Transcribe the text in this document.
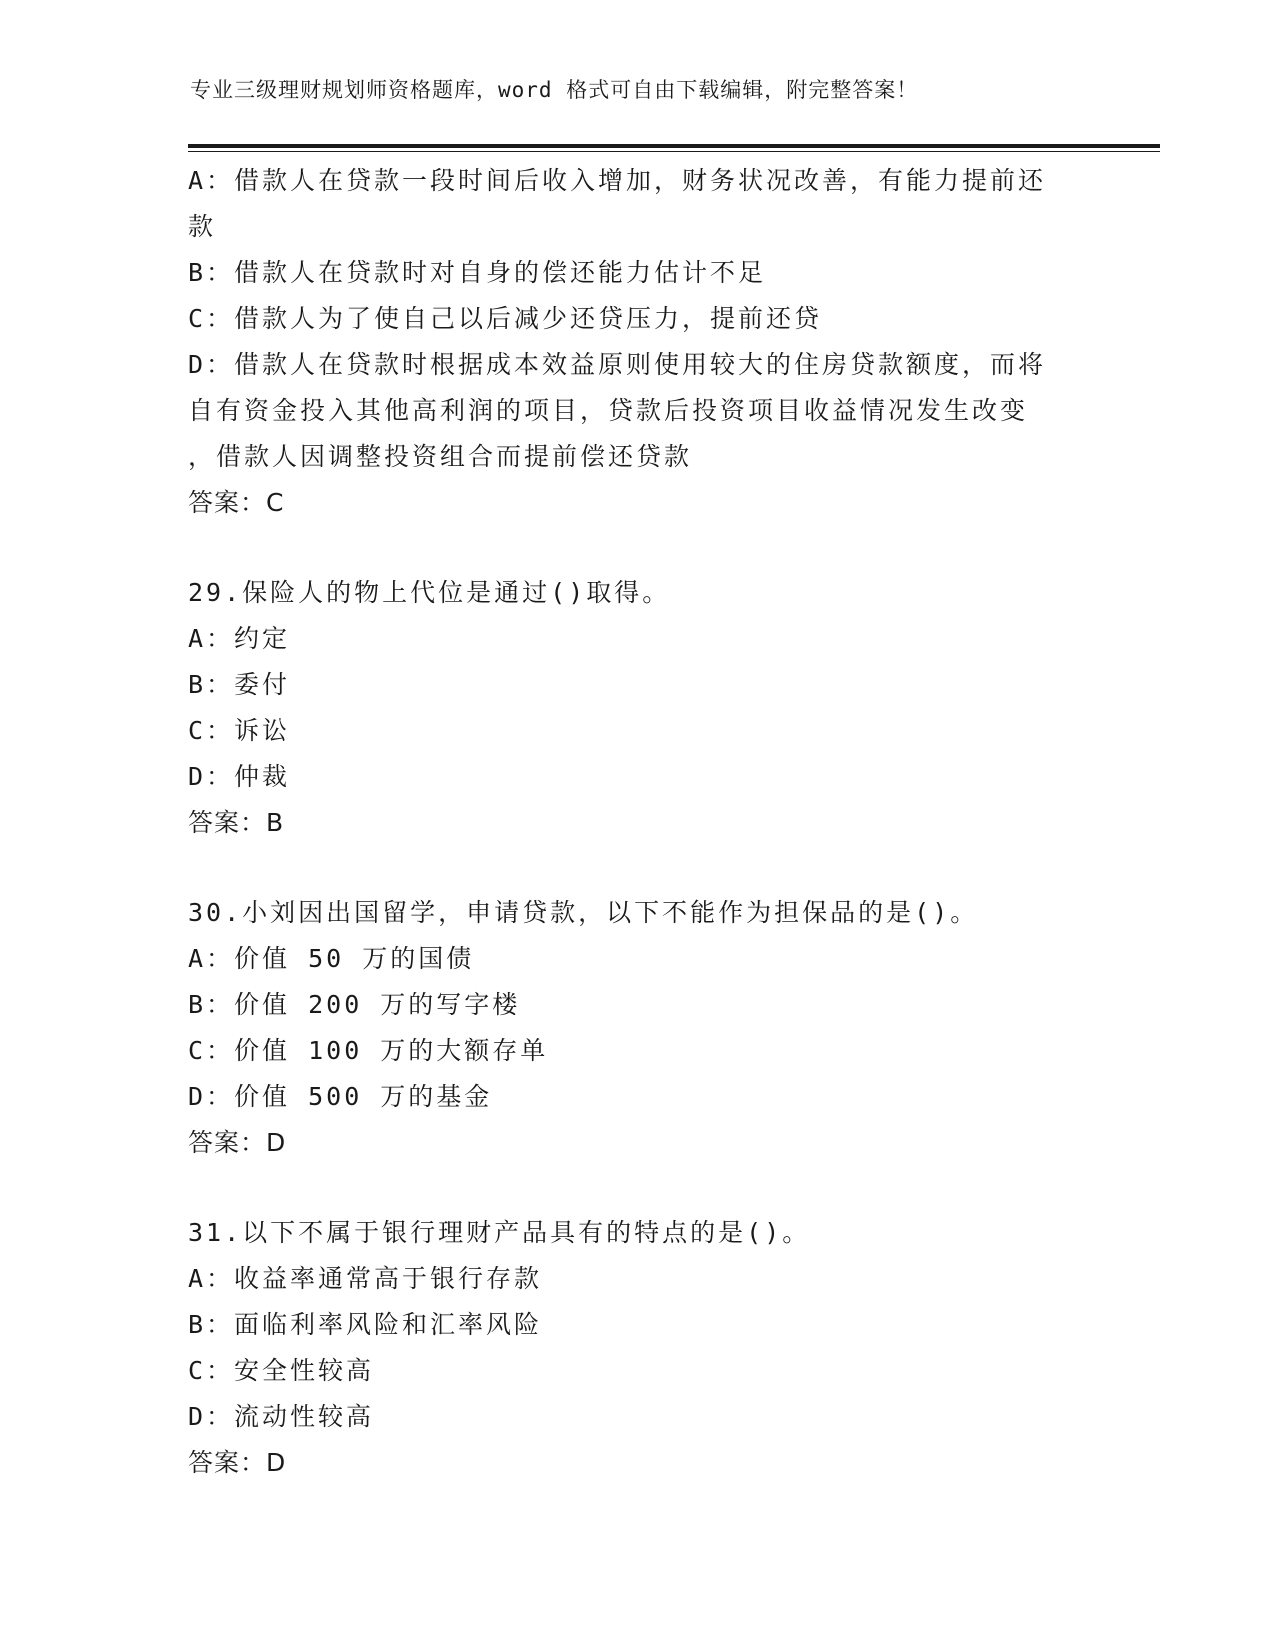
专业三级理财规划师资格题库，word 格式可自由下载编辑，附完整答案！
A：借款人在贷款一段时间后收入增加，财务状况改善，有能力提前还
款
B：借款人在贷款时对自身的偿还能力估计不足
C：借款人为了使自己以后减少还贷压力，提前还贷
D：借款人在贷款时根据成本效益原则使用较大的住房贷款额度，而将
自有资金投入其他高利润的项目，贷款后投资项目收益情况发生改变
，借款人因调整投资组合而提前偿还贷款
答案：C
29.保险人的物上代位是通过()取得。
A：约定
B：委付
C：诉讼
D：仲裁
答案：B
30.小刘因出国留学，申请贷款，以下不能作为担保品的是()。
A：价值 50 万的国债
B：价值 200 万的写字楼
C：价值 100 万的大额存单
D：价值 500 万的基金
答案：D
31.以下不属于银行理财产品具有的特点的是()。
A：收益率通常高于银行存款
B：面临利率风险和汇率风险
C：安全性较高
D：流动性较高
答案：D
